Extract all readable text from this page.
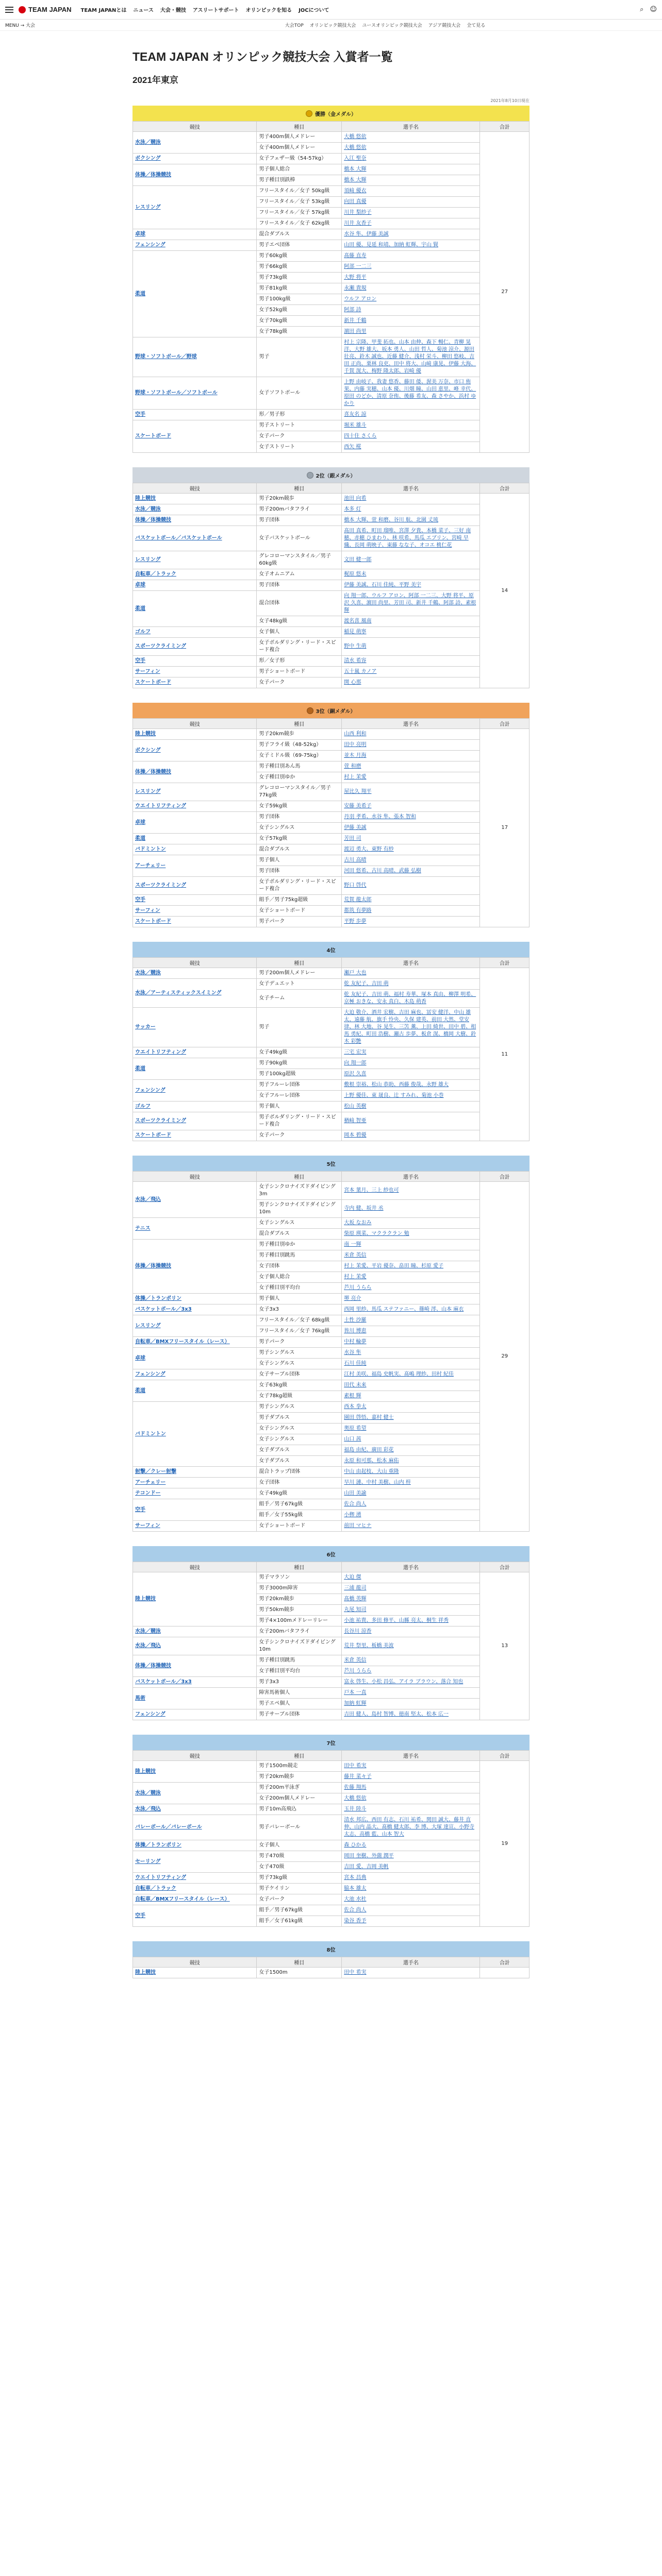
TEAM JAPAN TEAM JAPANとは ニュース 大会・競技 アスリートサポート オリンピックを知る JOCについて	⌕ ☺
MENU → 大会	大会TOP オリンピック競技大会 ユースオリンピック競技大会 アジア競技大会 全て見る
TEAM JAPAN オリンピック競技大会 入賞者一覧
2021年東京
2021年8月10日現在
優勝（金メダル）
競技	種目	選手名	合計
水泳／競泳	男子400m個人メドレー	大橋 悠依	27
	女子400m個人メドレー	大橋 悠依	
ボクシング	女子フェザー級（54-57kg）	入江 聖奈	
体操／体操競技	男子個人総合	橋本 大輝	
	男子種目別鉄棒	橋本 大輝	
レスリング	フリースタイル／女子 50kg級	須﨑 優衣	
	フリースタイル／女子 53kg級	向田 真優	
	フリースタイル／女子 57kg級	川井 梨紗子	
	フリースタイル／女子 62kg級	川井 友香子	
卓球	混合ダブルス	水谷 隼、伊藤 美誠	
フェンシング	男子エペ団体	山田 優、見延 和靖、加納 虹輝、宇山 賢	
柔道	男子60kg級	髙藤 直寿	
	男子66kg級	阿部 一二三	
	男子73kg級	大野 将平	
	男子81kg級	永瀬 貴規	
	男子100kg級	ウルフ アロン	
	女子52kg級	阿部 詩	
	女子70kg級	新井 千鶴	
	女子78kg級	濵田 尚里	
野球・ソフトボール／野球	男子	村上 宗隆、甲斐 拓也、山本 由伸、森下 暢仁、青柳 晃洋、大野 雄大、坂本 勇人、山田 哲人、菊池 涼介、源田 壮亮、鈴木 誠也、近藤 健介、浅村 栄斗、柳田 悠岐、吉田 正尚、栗林 良吏、田中 将大、山﨑 康晃、伊藤 大海、千賀 滉大、梅野 隆太郎、岩崎 優	
野球・ソフトボール／ソフトボール	女子ソフトボール	上野 由岐子、我妻 悠香、藤田 倭、渥美 万奈、市口 侑果、内藤 実穂、山本 優、川畑 瞳、山田 恵里、峰 幸代、原田 のどか、清原 奈侑、後藤 希友、森 さやか、浜村 ゆかり	
空手	形／男子形	喜友名 諒	
スケートボード	男子ストリート	堀米 雄斗	
	女子パーク	四十住 さくら	
	女子ストリート	西矢 椛	
2位（銀メダル）
競技	種目	選手名	合計
陸上競技	男子20km競歩	池田 向希	14
水泳／競泳	男子200mバタフライ	本多 灯	
体操／体操競技	男子団体	橋本 大輝、萱 和磨、谷川 航、北園 丈琉	
バスケットボール／バスケットボール	女子バスケットボール	髙田 真希、町田 瑠唯、宮澤 夕貴、本橋 菜子、三好 南穂、赤穂 ひまわり、林 咲希、馬瓜 エブリン、宮崎 早織、長岡 萌映子、東藤 なな子、オコエ 桃仁花	
レスリング	グレコローマンスタイル／男子60kg級	文田 健一郎	
自転車／トラック	女子オムニアム	梶原 悠未	
卓球	男子団体	伊藤 美誠、石川 佳純、平野 美宇	
柔道	混合団体	向 翔一郎、ウルフ アロン、阿部 一二三、大野 将平、原沢 久喜、濵田 尚里、芳田 司、新井 千鶴、阿部 詩、素根 輝	
	女子48kg級	渡名喜 風南	
ゴルフ	女子個人	稲見 萌寧	
スポーツクライミング	女子ボルダリング・リード・スピード複合	野中 生萌	
空手	形／女子形	清水 希容	
サーフィン	男子ショートボード	五十嵐 カノア	
スケートボード	女子パーク	開 心那	
3位（銅メダル）
競技	種目	選手名	合計
陸上競技	男子20km競歩	山西 利和	17
ボクシング	男子フライ級（48-52kg）	田中 亮明	
	女子ミドル級（69-75kg）	並木 月海	
体操／体操競技	男子種目別あん馬	萱 和磨	
	女子種目別ゆか	村上 茉愛	
レスリング	グレコローマンスタイル／男子77kg級	屋比久 翔平	
ウエイトリフティング	女子59kg級	安藤 美希子	
卓球	男子団体	丹羽 孝希、水谷 隼、張本 智和	
	女子シングルス	伊藤 美誠	
柔道	女子57kg級	芳田 司	
バドミントン	混合ダブルス	渡辺 勇大、東野 有紗	
アーチェリー	男子個人	古川 高晴	
	男子団体	河田 悠希、古川 高晴、武藤 弘樹	
スポーツクライミング	女子ボルダリング・リード・スピード複合	野口 啓代	
空手	組手／男子75kg超級	荒賀 龍太郎	
サーフィン	女子ショートボード	都筑 有夢路	
スケートボード	男子パーク	平野 歩夢	
4位
競技	種目	選手名	合計
水泳／競泳	男子200m個人メドレー	瀬戸 大也	11
水泳／アーティスティックスイミング	女子デュエット	乾 友紀子、吉田 萌	
	女子チーム	乾 友紀子、吉田 萌、福村 寿華、塚本 真由、柳澤 明希、京極 おきな、安永 真白、木島 萌香	
サッカー	男子	大迫 敬介、酒井 宏樹、吉田 麻也、冨安 健洋、中山 雄太、遠藤 航、旗手 怜央、久保 建英、前田 大然、堂安 律、林 大地、谷 晃生、三笘 薫、上田 綺世、田中 碧、相馬 勇紀、町田 浩樹、瀬古 歩夢、板倉 滉、橋岡 大樹、鈴木 彩艶	
ウエイトリフティング	女子49kg級	三宅 宏実	
柔道	男子90kg級	向 翔一郎	
	男子100kg超級	原沢 久喜	
フェンシング	男子フルーレ団体	敷根 崇裕、松山 恭助、西藤 俊哉、永野 雄大	
	女子フルーレ団体	上野 優佳、東 晟良、辻 すみれ、菊池 小巻	
ゴルフ	男子個人	松山 英樹	
スポーツクライミング	男子ボルダリング・リード・スピード複合	楢﨑 智亜	
スケートボード	女子パーク	岡本 碧優	
5位
競技	種目	選手名	合計
水泳／飛込	女子シンクロナイズドダイビング3m	宮本 葉月、三上 紗也可	29
	男子シンクロナイズドダイビング10m	寺内 健、坂井 丞	
テニス	女子シングルス	大坂 なおみ	
	混合ダブルス	柴原 瑛菜、マクラクラン 勉	
体操／体操競技	男子種目別ゆか	南 一輝	
	男子種目別跳馬	米倉 英信	
	女子団体	村上 茉愛、平岩 優奈、畠田 瞳、杉原 愛子	
	女子個人総合	村上 茉愛	
	女子種目別平均台	芦川 うらら	
体操／トランポリン	男子個人	堺 亮介	
バスケットボール／3x3	女子3x3	西岡 里紗、馬瓜 ステファニー、篠崎 澪、山本 麻衣	
レスリング	フリースタイル／女子 68kg級	土性 沙羅	
	フリースタイル／女子 76kg級	皆川 博恵	
自転車／BMXフリースタイル（レース）	男子パーク	中村 輪夢	
卓球	男子シングルス	水谷 隼	
	女子シングルス	石川 佳純	
フェンシング	女子サーブル団体	江村 美咲、福島 史帆実、髙嶋 理紗、田村 紀佳	
柔道	女子63kg級	田代 未来	
	女子78kg超級	素根 輝	
バドミントン	男子シングルス	西本 拳太	
	男子ダブルス	園田 啓悟、嘉村 健士	
	女子シングルス	奥原 希望	
	女子シングルス	山口 茜	
	女子ダブルス	福島 由紀、廣田 彩花	
	女子ダブルス	永原 和可那、松本 麻佑	
射撃／クレー射撃	混合トラップ団体	中山 由起枝、大山 重隆	
アーチェリー	女子団体	早川 漣、中村 美樹、山内 梓	
テコンドー	女子49kg級	山田 美諭	
空手	組手／男子67kg級	佐合 尚人	
	組手／女子55kg級	小栁 湧	
サーフィン	女子ショートボード	前田 マヒナ	
6位
競技	種目	選手名	合計
陸上競技	男子マラソン	大迫 傑	13
	男子3000m障害	三浦 龍司	
	男子20km競歩	髙橋 英輝	
	男子50km競歩	丸尾 知司	
	男子4×100mメドレーリレー	小池 祐貴、多田 修平、山縣 亮太、桐生 祥秀	
水泳／競泳	女子200mバタフライ	長谷川 涼香	
水泳／飛込	女子シンクロナイズドダイビング10m	荒井 祭里、板橋 美波	
体操／体操競技	男子種目別跳馬	米倉 英信	
	女子種目別平均台	芦川 うらら	
バスケットボール／3x3	男子3x3	富永 啓生、小松 昌弘、アイラ ブラウン、落合 知也	
馬術	障害馬術個人	戸本 一真	
	男子エペ個人	加納 虹輝	
フェンシング	男子サーブル団体	吉田 健人、島村 智博、徳南 堅太、松本 広一	
7位
競技	種目	選手名	合計
陸上競技	男子1500m競走	田中 希実	19
	男子20km競歩	藤井 菜々子	
水泳／競泳	男子200m平泳ぎ	佐藤 翔馬	
	女子200m個人メドレー	大橋 悠依	
水泳／飛込	男子10m高飛込	玉井 陸斗	
バレーボール／バレーボール	男子バレーボール	清水 邦広、西田 有志、石川 祐希、関田 誠大、藤井 直伸、山内 晶大、髙橋 健太郎、李 博、大塚 達宣、小野寺 太志、高橋 藍、山本 智大	
体操／トランポリン	女子個人	森 ひかる	
セーリング	男子470級	岡田 奎樹、外薗 潤平	
	女子470級	吉田 愛、吉岡 美帆	
ウエイトリフティング	男子73kg級	宮本 昌典	
自転車／トラック	男子ケイリン	脇本 雄太	
自転車／BMXフリースタイル（レース）	女子パーク	大池 水杜	
空手	組手／男子67kg級	佐合 尚人	
	組手／女子61kg級	染谷 香予	
8位
競技	種目	選手名	合計
陸上競技	女子1500m	田中 希実	
